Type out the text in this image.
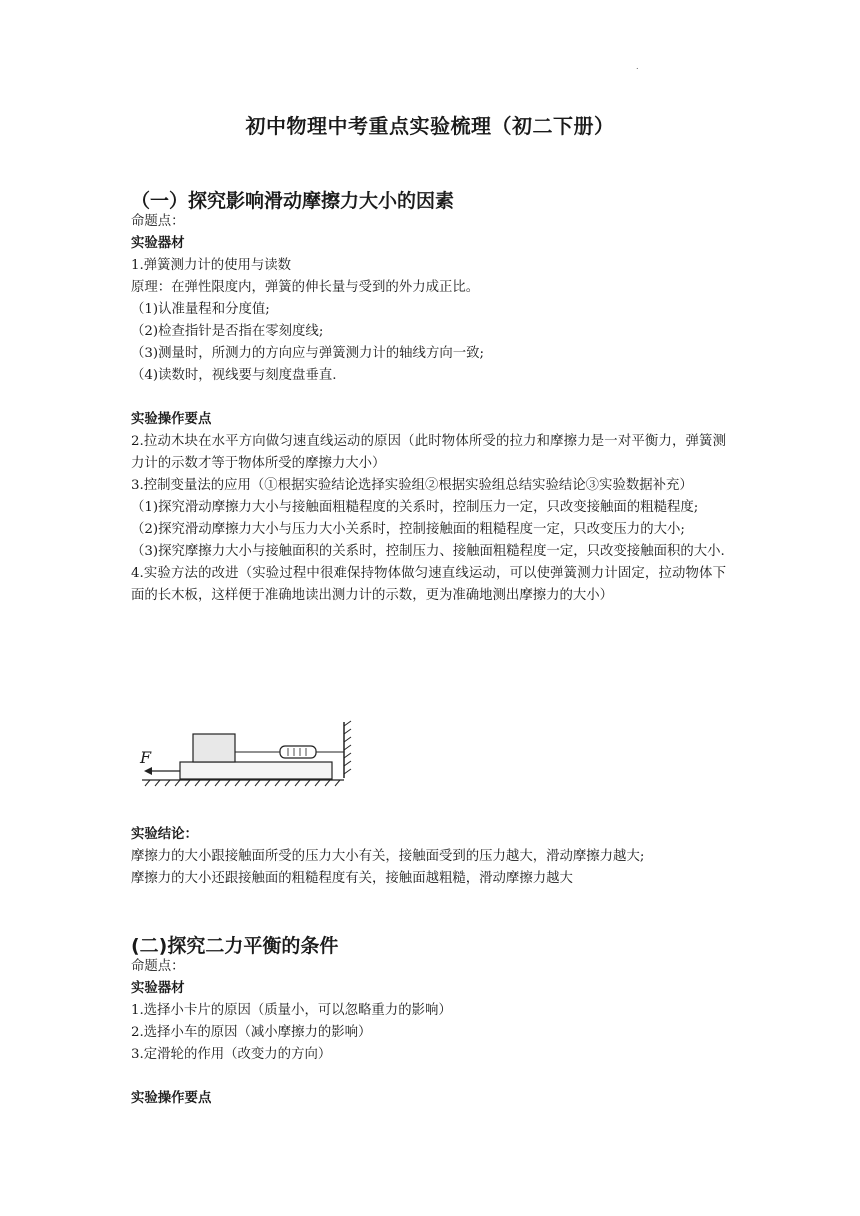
.
初中物理中考重点实验梳理（初二下册）
（一）探究影响滑动摩擦力大小的因素
命题点：
实验器材
1.弹簧测力计的使用与读数
原理：在弹性限度内，弹簧的伸长量与受到的外力成正比。
（1)认准量程和分度值;
（2)检查指针是否指在零刻度线;
（3)测量时，所测力的方向应与弹簧测力计的轴线方向一致;
（4)读数时，视线要与刻度盘垂直.
实验操作要点
2.拉动木块在水平方向做匀速直线运动的原因（此时物体所受的拉力和摩擦力是一对平衡力，弹簧测力计的示数才等于物体所受的摩擦力大小）
3.控制变量法的应用（①根据实验结论选择实验组②根据实验组总结实验结论③实验数据补充）
（1)探究滑动摩擦力大小与接触面粗糙程度的关系时，控制压力一定，只改变接触面的粗糙程度;
（2)探究滑动摩擦力大小与压力大小关系时，控制接触面的粗糙程度一定，只改变压力的大小;
（3)探究摩擦力大小与接触面积的关系时，控制压力、接触面粗糙程度一定，只改变接触面积的大小.
4.实验方法的改进（实验过程中很难保持物体做匀速直线运动，可以使弹簧测力计固定，拉动物体下面的长木板，这样便于准确地读出测力计的示数，更为准确地测出摩擦力的大小）
F
实验结论：
摩擦力的大小跟接触面所受的压力大小有关，接触面受到的压力越大，滑动摩擦力越大;
摩擦力的大小还跟接触面的粗糙程度有关，接触面越粗糙，滑动摩擦力越大
(二)探究二力平衡的条件
命题点：
实验器材
1.选择小卡片的原因（质量小，可以忽略重力的影响）
2.选择小车的原因（减小摩擦力的影响）
3.定滑轮的作用（改变力的方向）
实验操作要点
